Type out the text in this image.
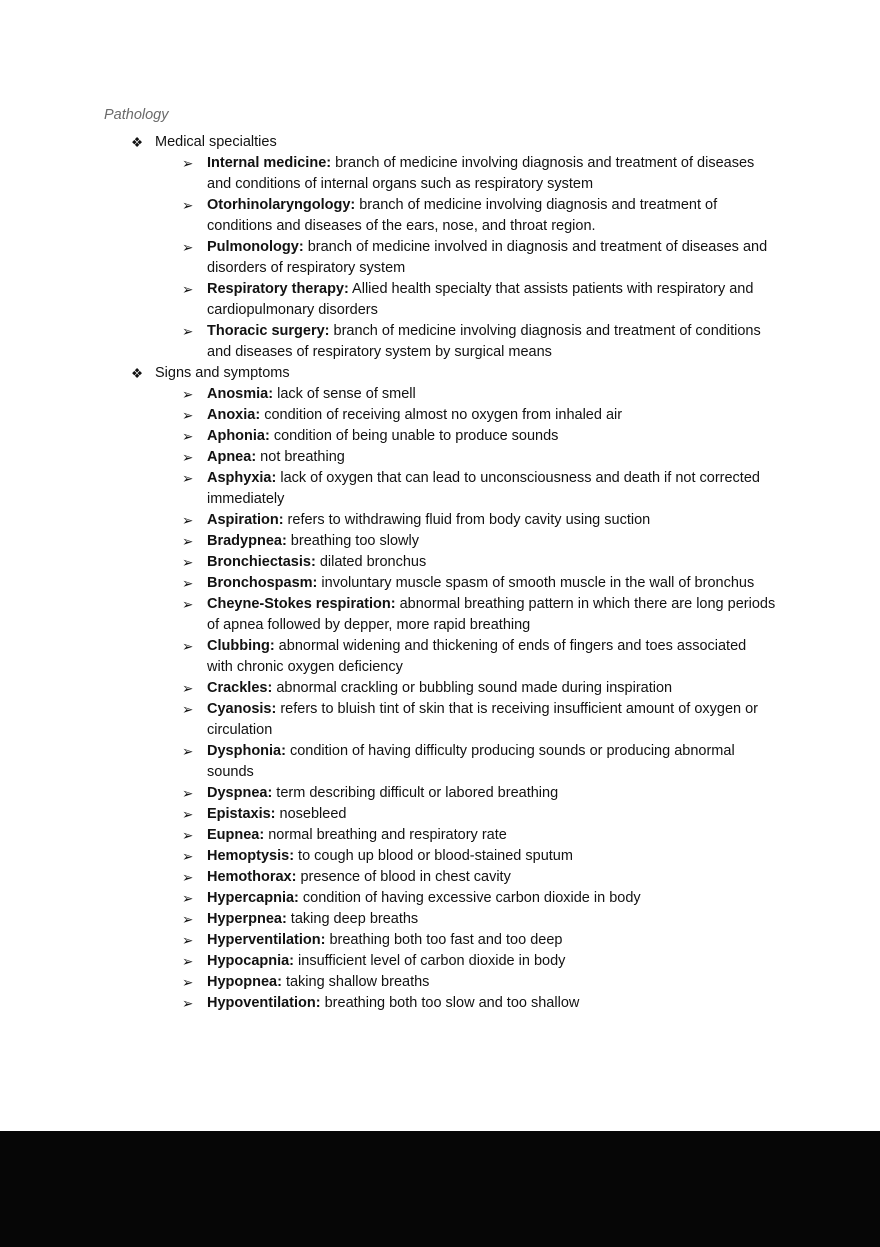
Pathology
❖ Medical specialties
➢ Internal medicine: branch of medicine involving diagnosis and treatment of diseases and conditions of internal organs such as respiratory system
➢ Otorhinolaryngology: branch of medicine involving diagnosis and treatment of conditions and diseases of the ears, nose, and throat region.
➢ Pulmonology: branch of medicine involved in diagnosis and treatment of diseases and disorders of respiratory system
➢ Respiratory therapy: Allied health specialty that assists patients with respiratory and cardiopulmonary disorders
➢ Thoracic surgery: branch of medicine involving diagnosis and treatment of conditions and diseases of respiratory system by surgical means
❖ Signs and symptoms
➢ Anosmia: lack of sense of smell
➢ Anoxia: condition of receiving almost no oxygen from inhaled air
➢ Aphonia: condition of being unable to produce sounds
➢ Apnea: not breathing
➢ Asphyxia: lack of oxygen that can lead to unconsciousness and death if not corrected immediately
➢ Aspiration: refers to withdrawing fluid from body cavity using suction
➢ Bradypnea: breathing too slowly
➢ Bronchiectasis: dilated bronchus
➢ Bronchospasm: involuntary muscle spasm of smooth muscle in the wall of bronchus
➢ Cheyne-Stokes respiration: abnormal breathing pattern in which there are long periods of apnea followed by depper, more rapid breathing
➢ Clubbing: abnormal widening and thickening of ends of fingers and toes associated with chronic oxygen deficiency
➢ Crackles: abnormal crackling or bubbling sound made during inspiration
➢ Cyanosis: refers to bluish tint of skin that is receiving insufficient amount of oxygen or circulation
➢ Dysphonia: condition of having difficulty producing sounds or producing abnormal sounds
➢ Dyspnea: term describing difficult or labored breathing
➢ Epistaxis: nosebleed
➢ Eupnea: normal breathing and respiratory rate
➢ Hemoptysis: to cough up blood or blood-stained sputum
➢ Hemothorax: presence of blood in chest cavity
➢ Hypercapnia: condition of having excessive carbon dioxide in body
➢ Hyperpnea: taking deep breaths
➢ Hyperventilation: breathing both too fast and too deep
➢ Hypocapnia: insufficient level of carbon dioxide in body
➢ Hypopnea: taking shallow breaths
➢ Hypoventilation: breathing both too slow and too shallow
